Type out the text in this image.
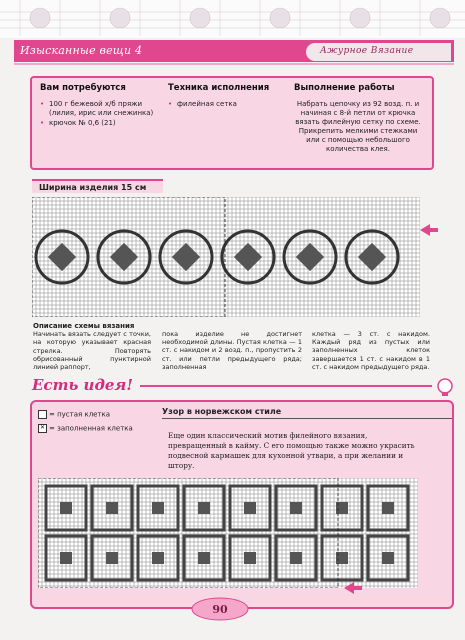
Изысканные вещи 4	Ажурное Вязание
Вам потребуются
• 100 г бежевой х/б пряжи (лилия, ирис или снежинка)
• крючок № 0,6 (21)
Техника исполнения
• филейная сетка
Выполнение работы

Набрать цепочку из 92 возд. п. и начиная с 8-й петли от крючка вязать филейную сетку по схеме. Прикрепить мелкими стежками или с помощью небольшого количества клея.

Ширина изделия 15 см
Описание схемы вязания
Начинать вязать следует с точки, на которую указывает красная стрелка. Повторять обрисованный пунктирной линией раппорт,
пока изделие не достигнет необходимой длины. Пустая клетка — 1 ст. с накидом и 2 возд. п., пропустить 2 ст. или петли предыдущего ряда; заполненная
клетка — 3 ст. с накидом. Каждый ряд из пустых или заполненных клеток завершается 1 ст. с накидом в 1 ст. с накидом предыдущего ряда.
Есть идея!
= пустая клетка
✕ = заполненная клетка
Узор в норвежском стиле
Еще один классический мотив филейного вязания, превращенный в кайму. С его помощью также можно украсить подвесной кармашек для кухонной утвари, а при желании и штору.
90
